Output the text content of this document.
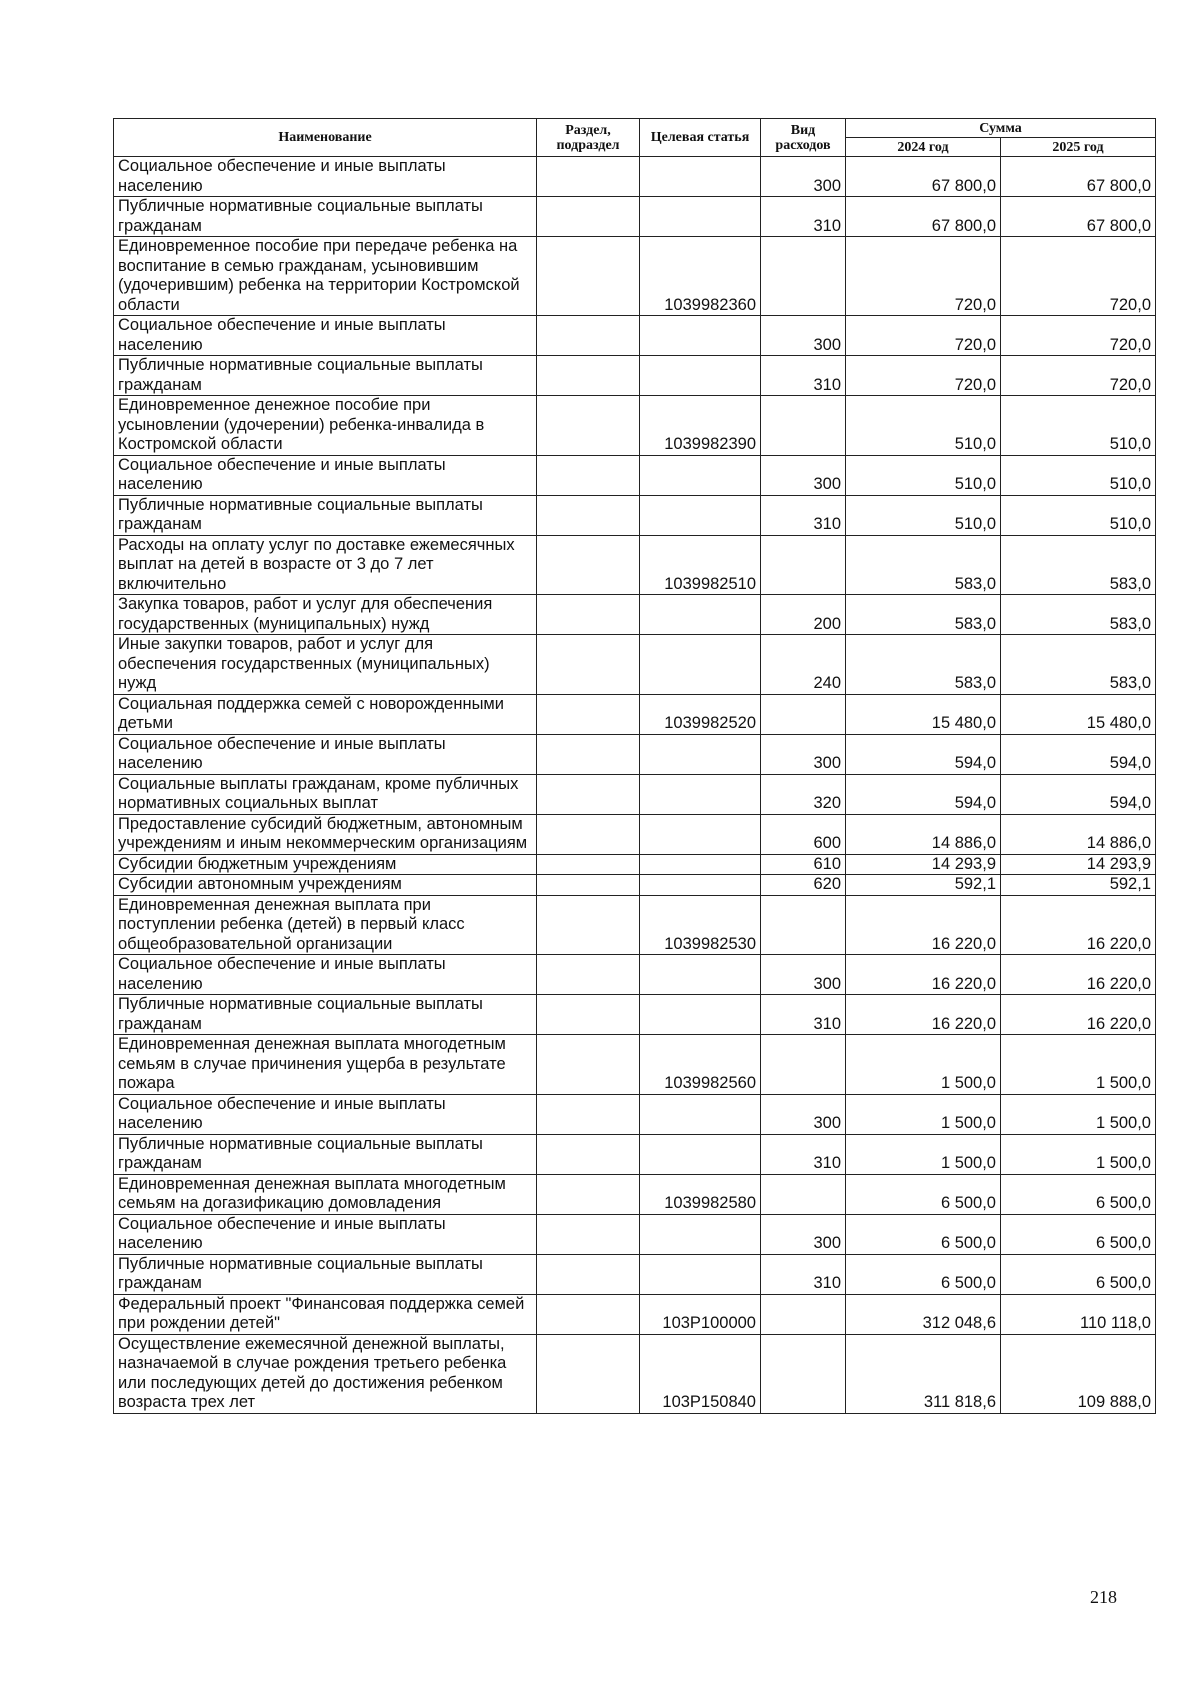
Наименование	Раздел, подраздел	Целевая статья	Вид расходов	Сумма	
				2024 год	2025 год
Социальное обеспечение и иные выплаты населению			300	67 800,0	67 800,0
Публичные нормативные социальные выплаты гражданам			310	67 800,0	67 800,0
Единовременное пособие при передаче ребенка на воспитание в семью гражданам, усыновившим (удочерившим) ребенка на территории Костромской области		1039982360		720,0	720,0
Социальное обеспечение и иные выплаты населению			300	720,0	720,0
Публичные нормативные социальные выплаты гражданам			310	720,0	720,0
Единовременное денежное пособие при усыновлении (удочерении) ребенка-инвалида в Костромской области		1039982390		510,0	510,0
Социальное обеспечение и иные выплаты населению			300	510,0	510,0
Публичные нормативные социальные выплаты гражданам			310	510,0	510,0
Расходы на оплату услуг по доставке ежемесячных выплат на детей в возрасте от 3 до 7 лет включительно		1039982510		583,0	583,0
Закупка товаров, работ и услуг для обеспечения государственных (муниципальных) нужд			200	583,0	583,0
Иные закупки товаров, работ и услуг для обеспечения государственных (муниципальных) нужд			240	583,0	583,0
Социальная поддержка семей с новорожденными детьми		1039982520		15 480,0	15 480,0
Социальное обеспечение и иные выплаты населению			300	594,0	594,0
Социальные выплаты гражданам, кроме публичных нормативных социальных выплат			320	594,0	594,0
Предоставление субсидий бюджетным, автономным учреждениям и иным некоммерческим организациям			600	14 886,0	14 886,0
Субсидии бюджетным учреждениям			610	14 293,9	14 293,9
Субсидии автономным учреждениям			620	592,1	592,1
Единовременная денежная выплата при поступлении ребенка (детей) в первый класс общеобразовательной организации		1039982530		16 220,0	16 220,0
Социальное обеспечение и иные выплаты населению			300	16 220,0	16 220,0
Публичные нормативные социальные выплаты гражданам			310	16 220,0	16 220,0
Единовременная денежная выплата многодетным семьям в случае причинения ущерба в результате пожара		1039982560		1 500,0	1 500,0
Социальное обеспечение и иные выплаты населению			300	1 500,0	1 500,0
Публичные нормативные социальные выплаты гражданам			310	1 500,0	1 500,0
Единовременная денежная выплата многодетным семьям на догазификацию домовладения		1039982580		6 500,0	6 500,0
Социальное обеспечение и иные выплаты населению			300	6 500,0	6 500,0
Публичные нормативные социальные выплаты гражданам			310	6 500,0	6 500,0
Федеральный проект "Финансовая поддержка семей при рождении детей"		103P100000		312 048,6	110 118,0
Осуществление ежемесячной денежной выплаты, назначаемой в случае рождения третьего ребенка или последующих детей до достижения ребенком возраста трех лет		103P150840		311 818,6	109 888,0
218
